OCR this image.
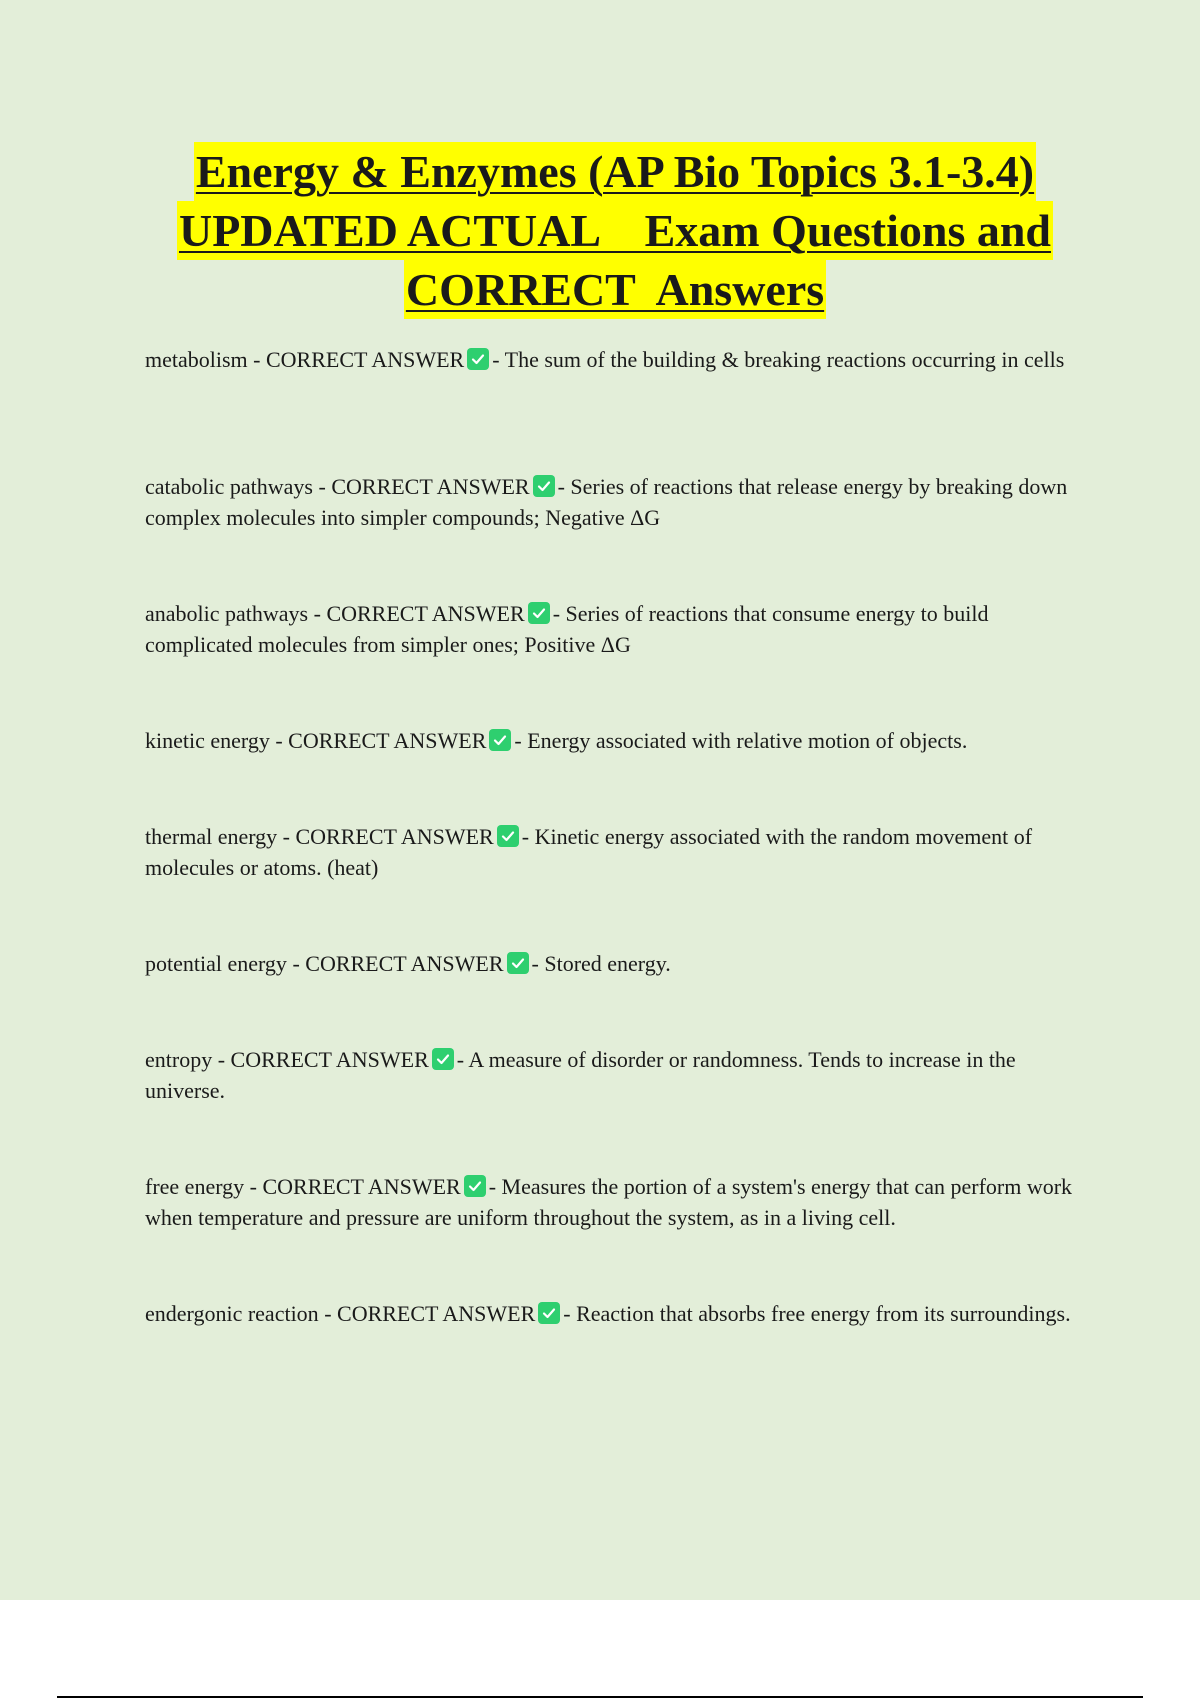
Energy & Enzymes (AP Bio Topics 3.1-3.4)
UPDATED ACTUAL    Exam Questions and
CORRECT  Answers

metabolism - CORRECT ANSWER - The sum of the building & breaking reactions occurring in cells

catabolic pathways - CORRECT ANSWER - Series of reactions that release energy by breaking down complex molecules into simpler compounds; Negative ΔG

anabolic pathways - CORRECT ANSWER - Series of reactions that consume energy to build complicated molecules from simpler ones; Positive ΔG

kinetic energy - CORRECT ANSWER - Energy associated with relative motion of objects.

thermal energy - CORRECT ANSWER - Kinetic energy associated with the random movement of molecules or atoms. (heat)

potential energy - CORRECT ANSWER - Stored energy.

entropy - CORRECT ANSWER - A measure of disorder or randomness. Tends to increase in the universe.

free energy - CORRECT ANSWER - Measures the portion of a system's energy that can perform work when temperature and pressure are uniform throughout the system, as in a living cell.

endergonic reaction - CORRECT ANSWER - Reaction that absorbs free energy from its surroundings.
